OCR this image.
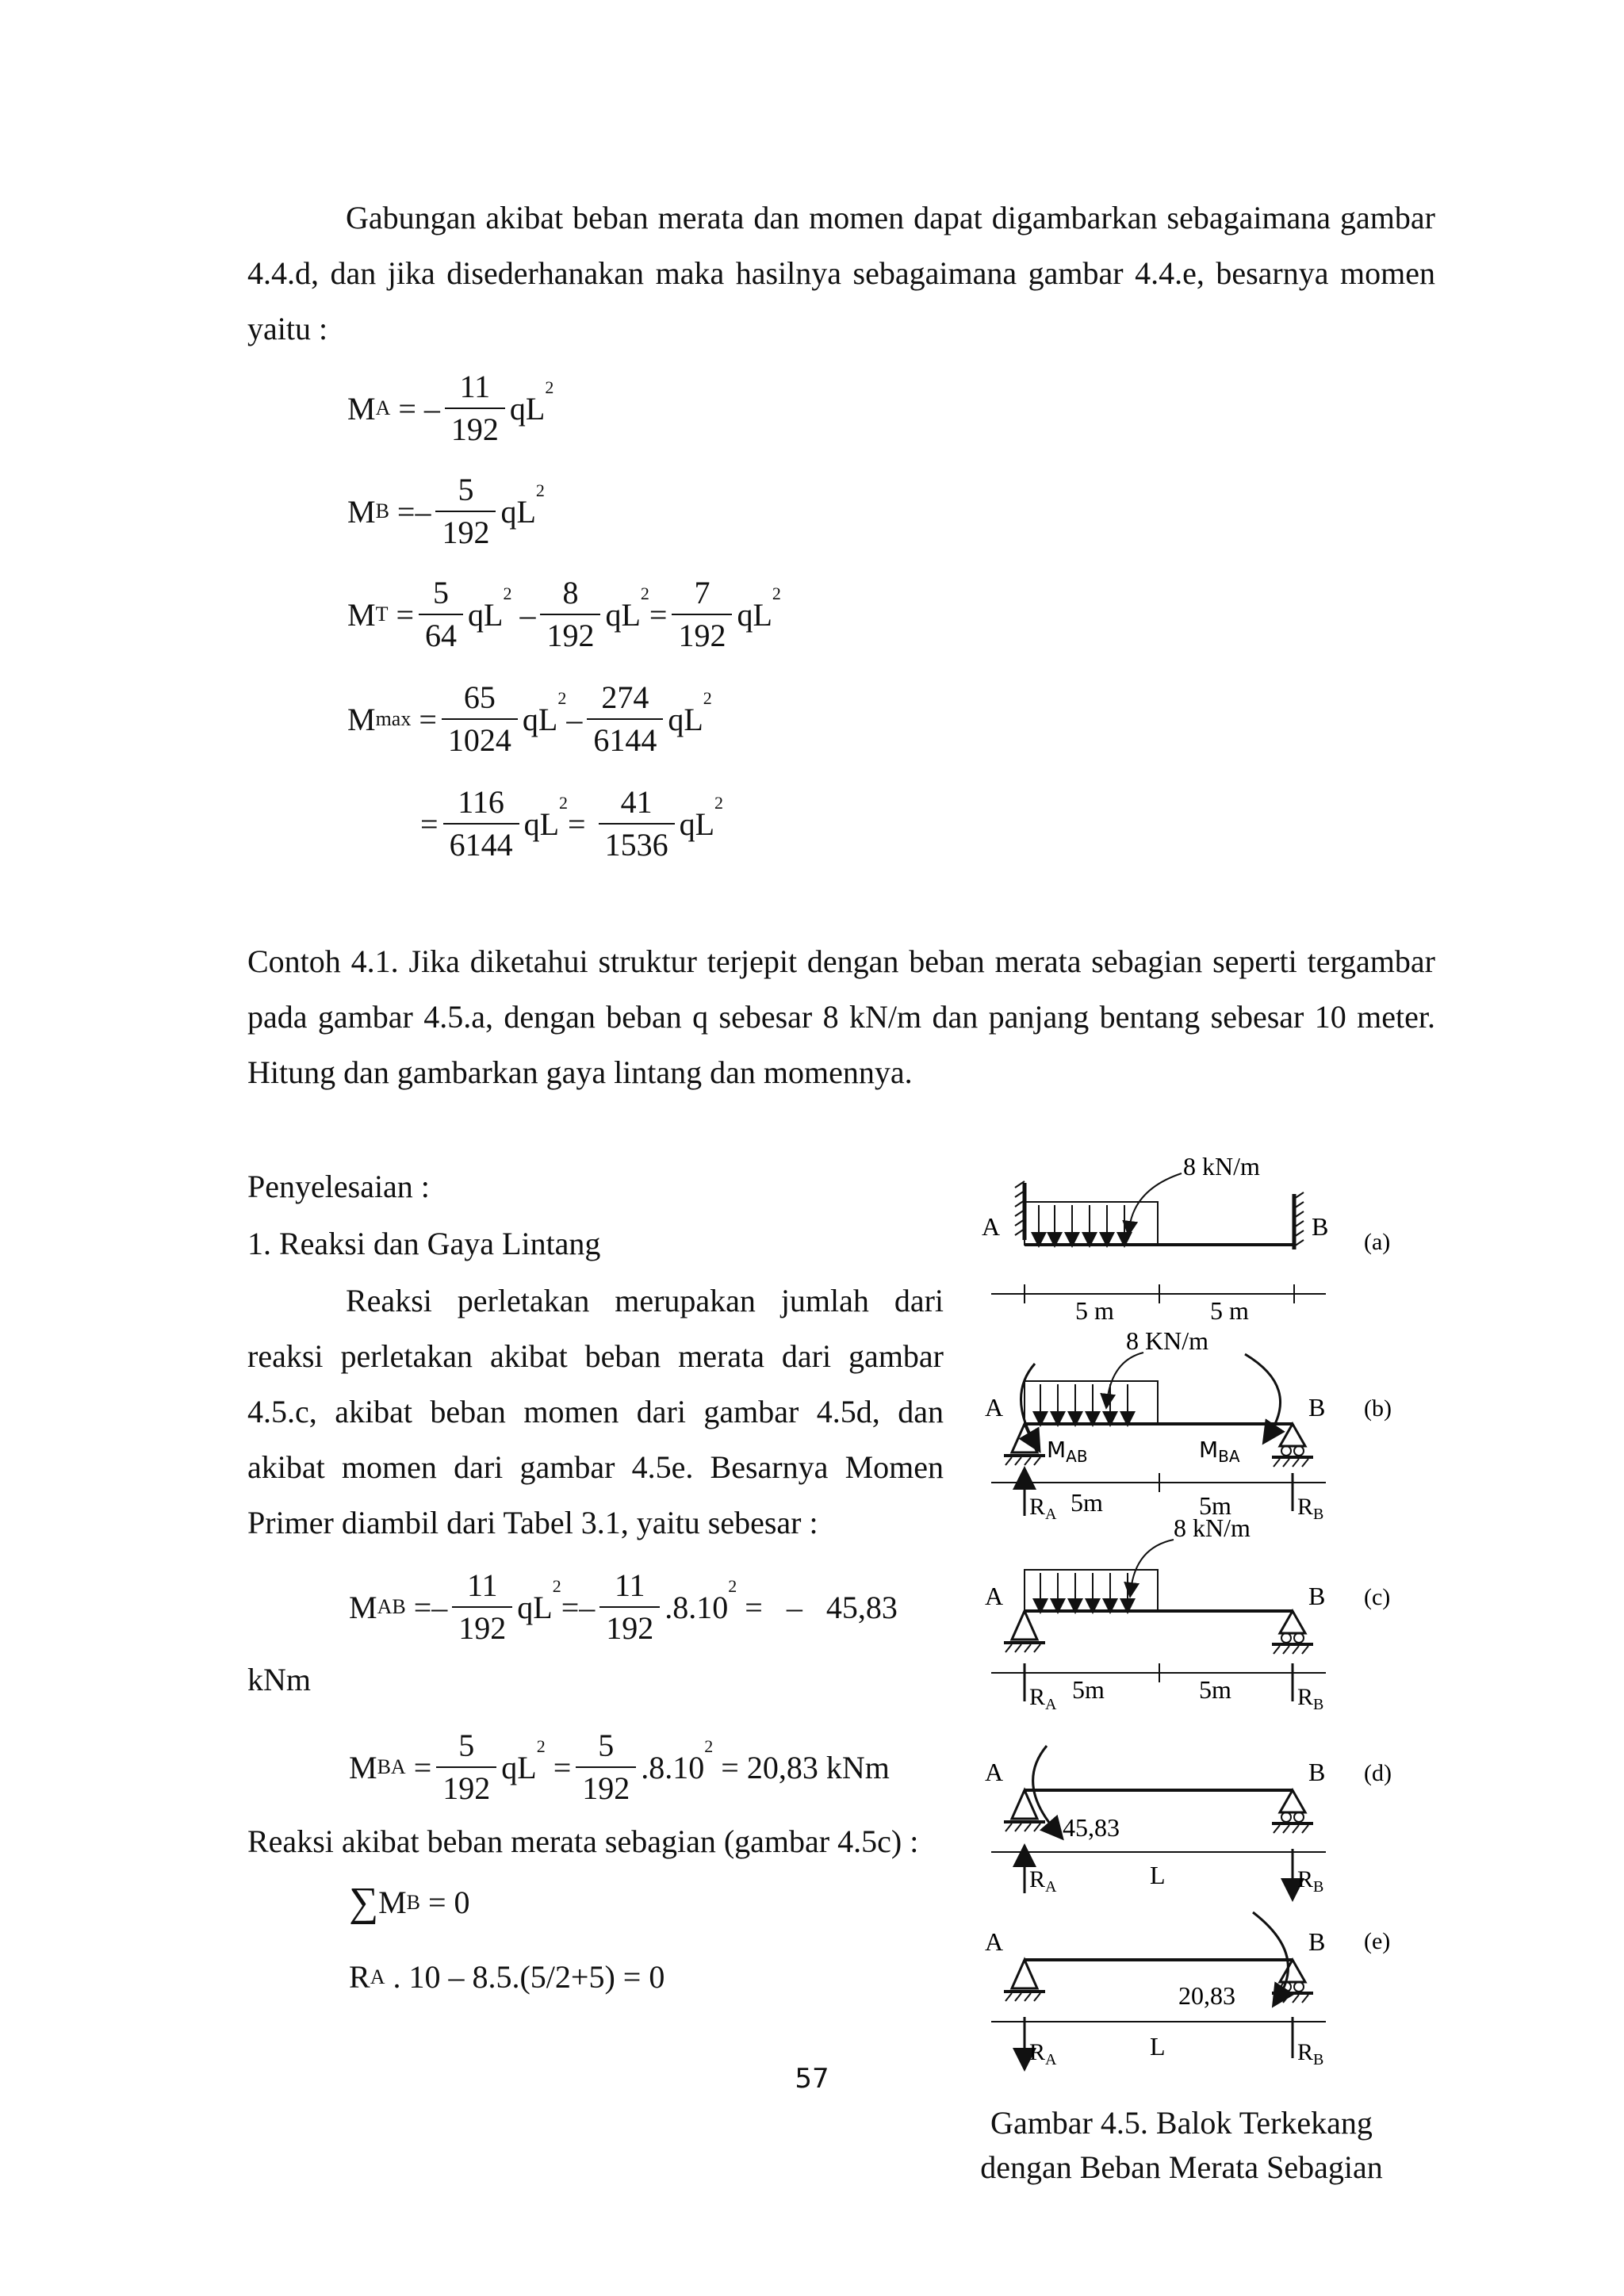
Gabungan akibat beban merata dan momen dapat digambarkan sebagaimana gambar 4.4.d, dan jika disederhanakan maka hasilnya sebagaimana gambar 4.4.e, besarnya momen yaitu :
M A
= – $\frac{11}{192}$ qL
$^2$
M B
=– $\frac{5}{192}$ qL
$^2$
M T
= $\frac{5}{64}$ qL
$^2$

– $\frac{8}{192}$ qL
$^2$
= $\frac{7}{192}$ qL
$^2$
M max
= $\frac{65}{1024}$ qL
$^2$
– $\frac{274}{6144}$ qL
$^2$
= $\frac{116}{6144}$ qL
$^2$
=
$\frac{41}{1536}$ qL
$^2$
Contoh 4.1. Jika diketahui struktur terjepit dengan beban merata sebagian seperti tergambar pada gambar 4.5.a, dengan beban q sebesar 8 kN/m dan panjang bentang sebesar 10 meter. Hitung dan gambarkan gaya lintang dan momennya.
Penyelesaian :
1. Reaksi dan Gaya Lintang
Reaksi perletakan merupakan jumlah dari reaksi perletakan akibat beban merata dari gambar 4.5.c, akibat beban momen dari gambar 4.5d, dan akibat momen dari gambar 4.5e. Besarnya Momen Primer diambil dari Tabel 3.1, yaitu sebesar :
M AB
=– $\frac{11}{192}$ qL
$^2$
=– $\frac{11}{192} .8.10$
$^2$

=   –   45,83
kNm
M BA
= $\frac{5}{192}$ qL
$^2$

= $\frac{5}{192} .8.10$
$^2$

= 20,83 kNm
Reaksi akibat beban merata sebagian (gambar 4.5c) :
∑ M B
= 0
R A
. 10 – 8.5.(5/2+5) = 0
57
8 kN/m
A	B
(a)
5 m	5 m
8 KN/m
A	B (b)
$M_{AB}$	$M_{BA}$
$R_A$ 5m	5m	$R_B$
8 kN/m
A	B (c)
$R_A$
5m	5m	$R_B$
A	B (d)
45,83
$R_A$	L	$R_B$
A	B (e)
20,83
$R_A$	L	$R_B$
Gambar 4.5. Balok Terkekang
dengan Beban Merata Sebagian
